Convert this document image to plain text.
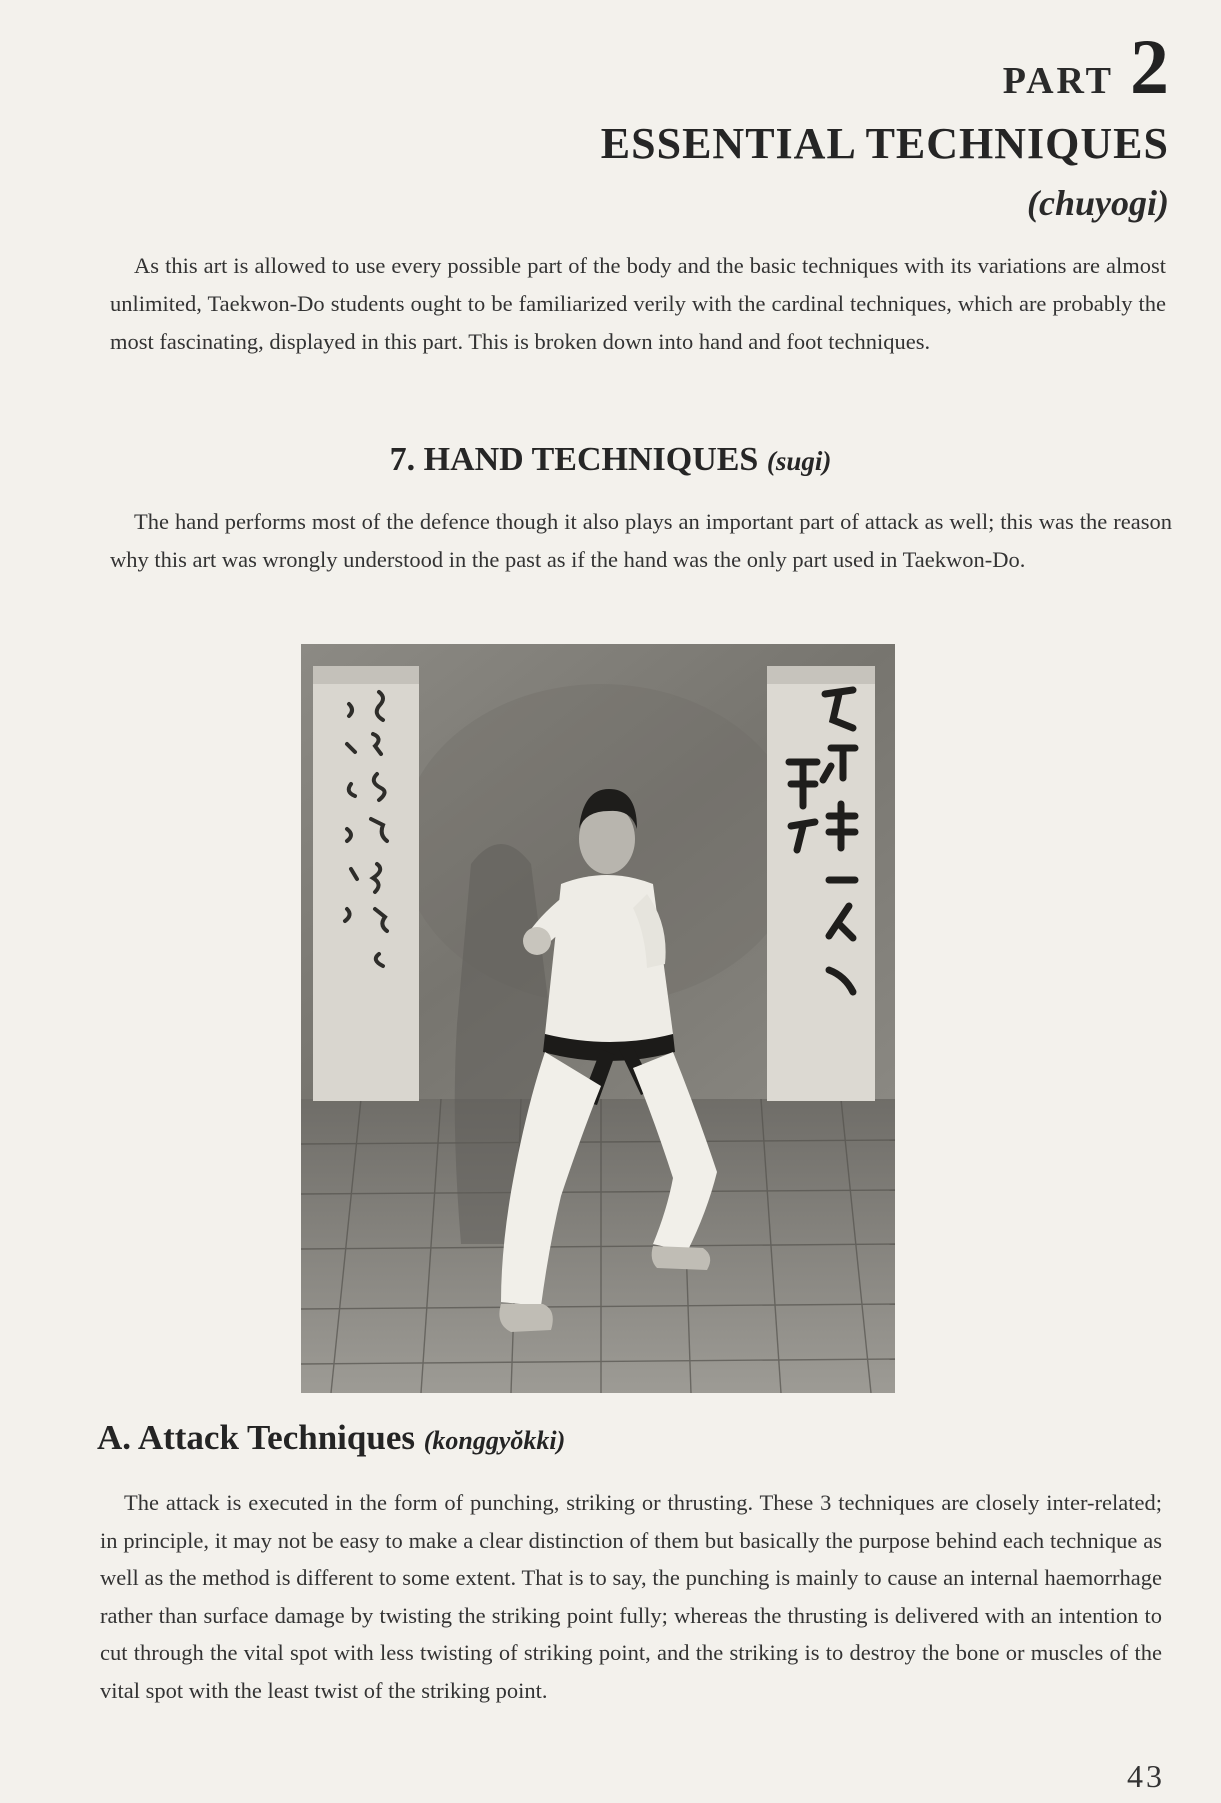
PART 2
ESSENTIAL TECHNIQUES
(chuyogi)

As this art is allowed to use every possible part of the body and the basic techniques with its variations are almost unlimited, Taekwon-Do students ought to be familiarized verily with the cardinal techniques, which are probably the most fascinating, displayed in this part. This is broken down into hand and foot techniques.

7. HAND TECHNIQUES (sugi)

The hand performs most of the defence though it also plays an important part of attack as well; this was the reason why this art was wrongly understood in the past as if the hand was the only part used in Taekwon-Do.

A. Attack Techniques (konggyŏkki)

The attack is executed in the form of punching, striking or thrusting. These 3 techniques are closely inter-related; in principle, it may not be easy to make a clear distinction of them but basically the purpose behind each technique as well as the method is different to some extent. That is to say, the punching is mainly to cause an internal haemorrhage rather than surface damage by twisting the striking point fully; whereas the thrusting is delivered with an intention to cut through the vital spot with less twisting of striking point, and the striking is to destroy the bone or muscles of the vital spot with the least twist of the striking point.

43
